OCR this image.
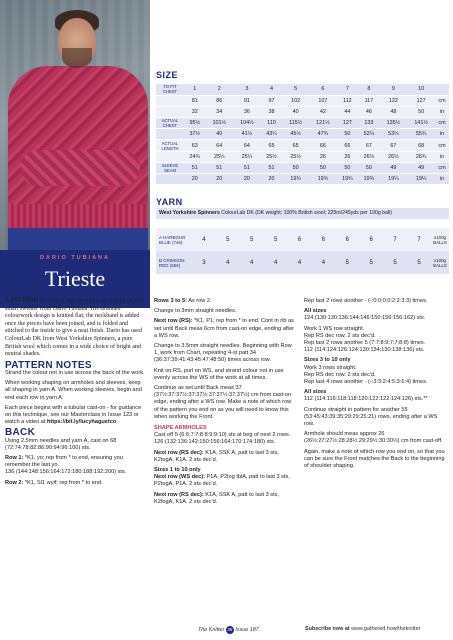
DARIO TUBIANA
Trieste
SIZE
TO FIT CHEST	1	2	3	4	5	6	7	8	9	10	
	81	86	91	97	102	107	112	117	122	127	cm
	32	34	36	38	40	42	44	46	48	50	in
ACTUAL CHEST	95½	101½	104½	110	115½	121½	127	133	135½	141½	cm
	37½	40	41½	43¼	45½	47¾	50	52¼	53¼	55¾	in
ACTUAL LENGTH	63	64	64	65	65	66	66	67	67	68	cm
	24¾	25¼	25¼	25½	25½	26	26	26½	26½	26¾	in
SLEEVE SEAM	51	51	51	51	50	50	50	50	49	49	cm
	20	20	20	20	19¾	19¾	19¾	19¾	19¼	19¼	in
YARN
West Yorkshire Spinners ColourLab DK (DK weight; 100% British wool; 225m/245yds per 100g ball)
A HARBOUR BLUE (746)	4	5	5	5	6	6	6	6	7	7	x100g BALLS
B CRIMSON RED (556)	3	4	4	4	4	4	5	5	5	5	x100g BALLS

A PATTERN of vertical zigzags makes an impact on this smart sweater from Dario Tubiana. His stranded colourwork design is knitted flat; the neckband is added once the pieces have been joined, and is folded and stitched to the inside to give a neat finish. Dario has used ColourLab DK from West Yorkshire Spinners, a pure British wool which comes in a wide choice of bright and neutral shades.

PATTERN NOTES

Strand the colour not in use across the back of the work.

When working shaping on armholes and sleeves, keep all shaping in yarn A. When working sleeves, begin and end each row in yarn A.

Each piece begins with a tubular cast-on - for guidance on this technique, see our Masterclass in Issue 123 or watch a video at https://bit.ly/lucyhaguetco

BACK

Using 2.5mm needles and yarn A, cast on 68 (72:74:78:82:86:90:94:96:100) sts.

Row 1: *K1, yo; rep from * to end, ensuring you remember the last yo.
136 (144:148:156:164:172:180:188:192:200) sts.

Row 2: *K1, Sl1 wyif; rep from * to end.

Rows 3 to 5: As row 2.

Change to 3mm straight needles.

Next row (RS): *K1, P1; rep from * to end. Cont in rib as set until Back meas 6cm from cast-on edge, ending after a WS row.

Change to 3.5mm straight needles. Beginning with Row 1, work from Chart, repeating 4-st patt 34 (36:37:39:41:43:45:47:48:50) times across row.

Knit on RS, purl on WS, and strand colour not in use evenly across the WS of the work at all times.

Continue as set until Back meas 37 (37½:37:37½:37:37½:37:37½:37:37½) cm from cast-on edge, ending after a WS row. Make a note of which row of the pattern you end on as you will need to know this when working the Front.

SHAPE ARMHOLES

Cast off 5 (6:6:7:7:8:8:9:9:10) sts at beg of next 2 rows.
126 (132:136:142:150:156:164:170:174:180) sts.

Next row (RS dec): K1A, SSK A, patt to last 3 sts, K2togA, K1A. 2 sts dec'd.

Sizes 1 to 10 only
Next row (WS dec): P1A, P2tog tblA, patt to last 3 sts, P2togA, P1A. 2 sts dec'd.

Next row (RS dec): K1A, SSK A, patt to last 3 sts, K2togA, K1A. 2 sts dec'd.

Rep last 2 rows another - (-:0:0:0:0:2:2:3:3) times.

All sizes
124 (130:130:136:144:146:150:156:156:162) sts.

Work 1 WS row straight.
Rep RS dec row. 2 sts dec'd.
Rep last 2 rows another 5 (7:7:8:9:7:7:8:8) times.
112 (114:124:126:124:130:134:130:138:136) sts.

Sizes 3 to 10 only
Work 3 rows straight.
Rep RS dec row. 2 sts dec'd.
Rep last 4 rows another - (-:3:3:2:4:5:3:6:4) times.

All sizes
112 (114:116:118:118:120:122:122:124:126) sts.**

Continue straight in pattern for another 55 (53:45:43:39:35:29:29:25:21) rows, ending after a WS row.

Armhole should meas approx 26 (26½:27:27½:28:28½:29:29½:30:30½) cm from cast-off.

Again, make a note of which row you end on, so that you can be sure the Front matches the Back to the beginning of shoulder shaping.

The Knitter 38 Issue 187	Subscribe now at www.gathered.how/theknitter
